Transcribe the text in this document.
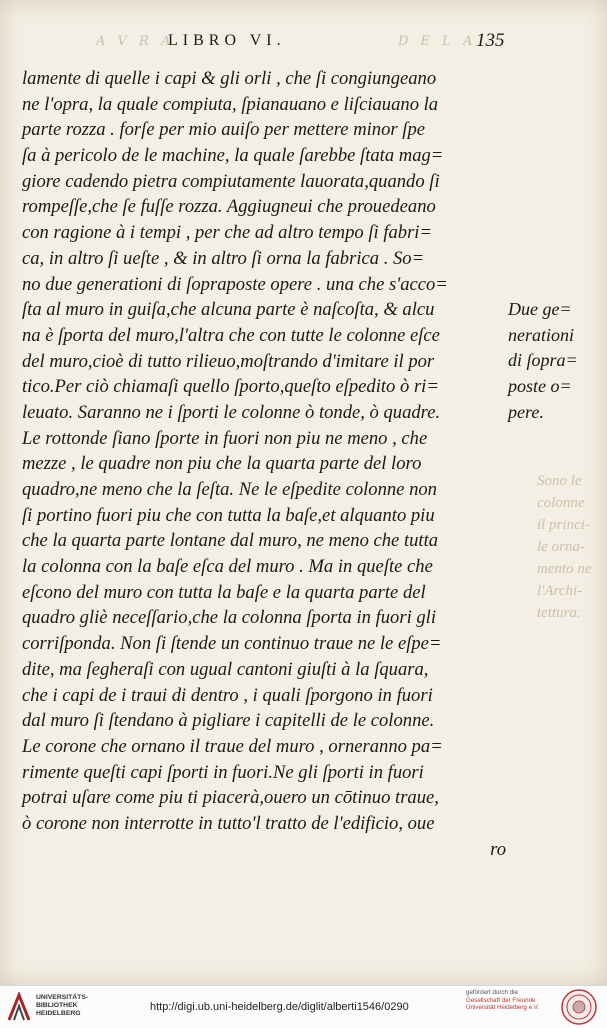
A V R A
LIBRO VI.	D E L A 135
Sono le
colonne
il princi-
le orna-
mento ne
l'Archi-
tettura.
lamente di quelle i capi & gli orli , che ſi congiungeano
ne l'opra, la quale compiuta, ſpianauano e liſciauano la
parte rozza . forſe per mio auiſo per mettere minor ſpe
ſa à pericolo de le machine, la quale ſarebbe ſtata mag=
giore cadendo pietra compiutamente lauorata,quando ſi
rompeſſe,che ſe fuſſe rozza. Aggiugneui che prouedeano
con ragione à i tempi , per che ad altro tempo ſi fabri=
ca, in altro ſi ueſte , & in altro ſi orna la fabrica . So=
no due generationi di ſopraposte opere . una che s'acco=
ſta al muro in guiſa,che alcuna parte è naſcoſta, & alcu
na è ſporta del muro,l'altra che con tutte le colonne eſce
del muro,cioè di tutto rilieuo,moſtrando d'imitare il por
tico.Per ciò chiamaſi quello ſporto,queſto eſpedito ò ri=
leuato. Saranno ne i ſporti le colonne ò tonde, ò quadre.
Le rottonde ſiano ſporte in fuori non piu ne meno , che
mezze , le quadre non piu che la quarta parte del loro
quadro,ne meno che la ſeſta. Ne le eſpedite colonne non
ſi portino fuori piu che con tutta la baſe,et alquanto piu
che la quarta parte lontane dal muro, ne meno che tutta
la colonna con la baſe eſca del muro . Ma in queſte che
eſcono del muro con tutta la baſe e la quarta parte del
quadro gliè neceſſario,che la colonna ſporta in fuori gli
corriſponda. Non ſi ſtende un continuo traue ne le eſpe=
dite, ma ſegheraſi con ugual cantoni giuſti à la ſquara,
che i capi de i traui di dentro , i quali ſporgono in fuori
dal muro ſi ſtendano à pigliare i capitelli de le colonne.
Le corone che ornano il traue del muro , orneranno pa=
rimente queſti capi ſporti in fuori.Ne gli ſporti in fuori
potrai uſare come piu ti piacerà,ouero un cōtinuo traue,
ò corone non interrotte in tutto'l tratto de l'edificio, oue
ro
Due ge=
nerationi
di ſopra=
poste o=
pere.
UNIVERSITÄTS-
BIBLIOTHEK
HEIDELBERG
http://digi.ub.uni-heidelberg.de/diglit/alberti1546/0290
gefördert durch die
Gesellschaft der Freunde
Universität Heidelberg e.V.
